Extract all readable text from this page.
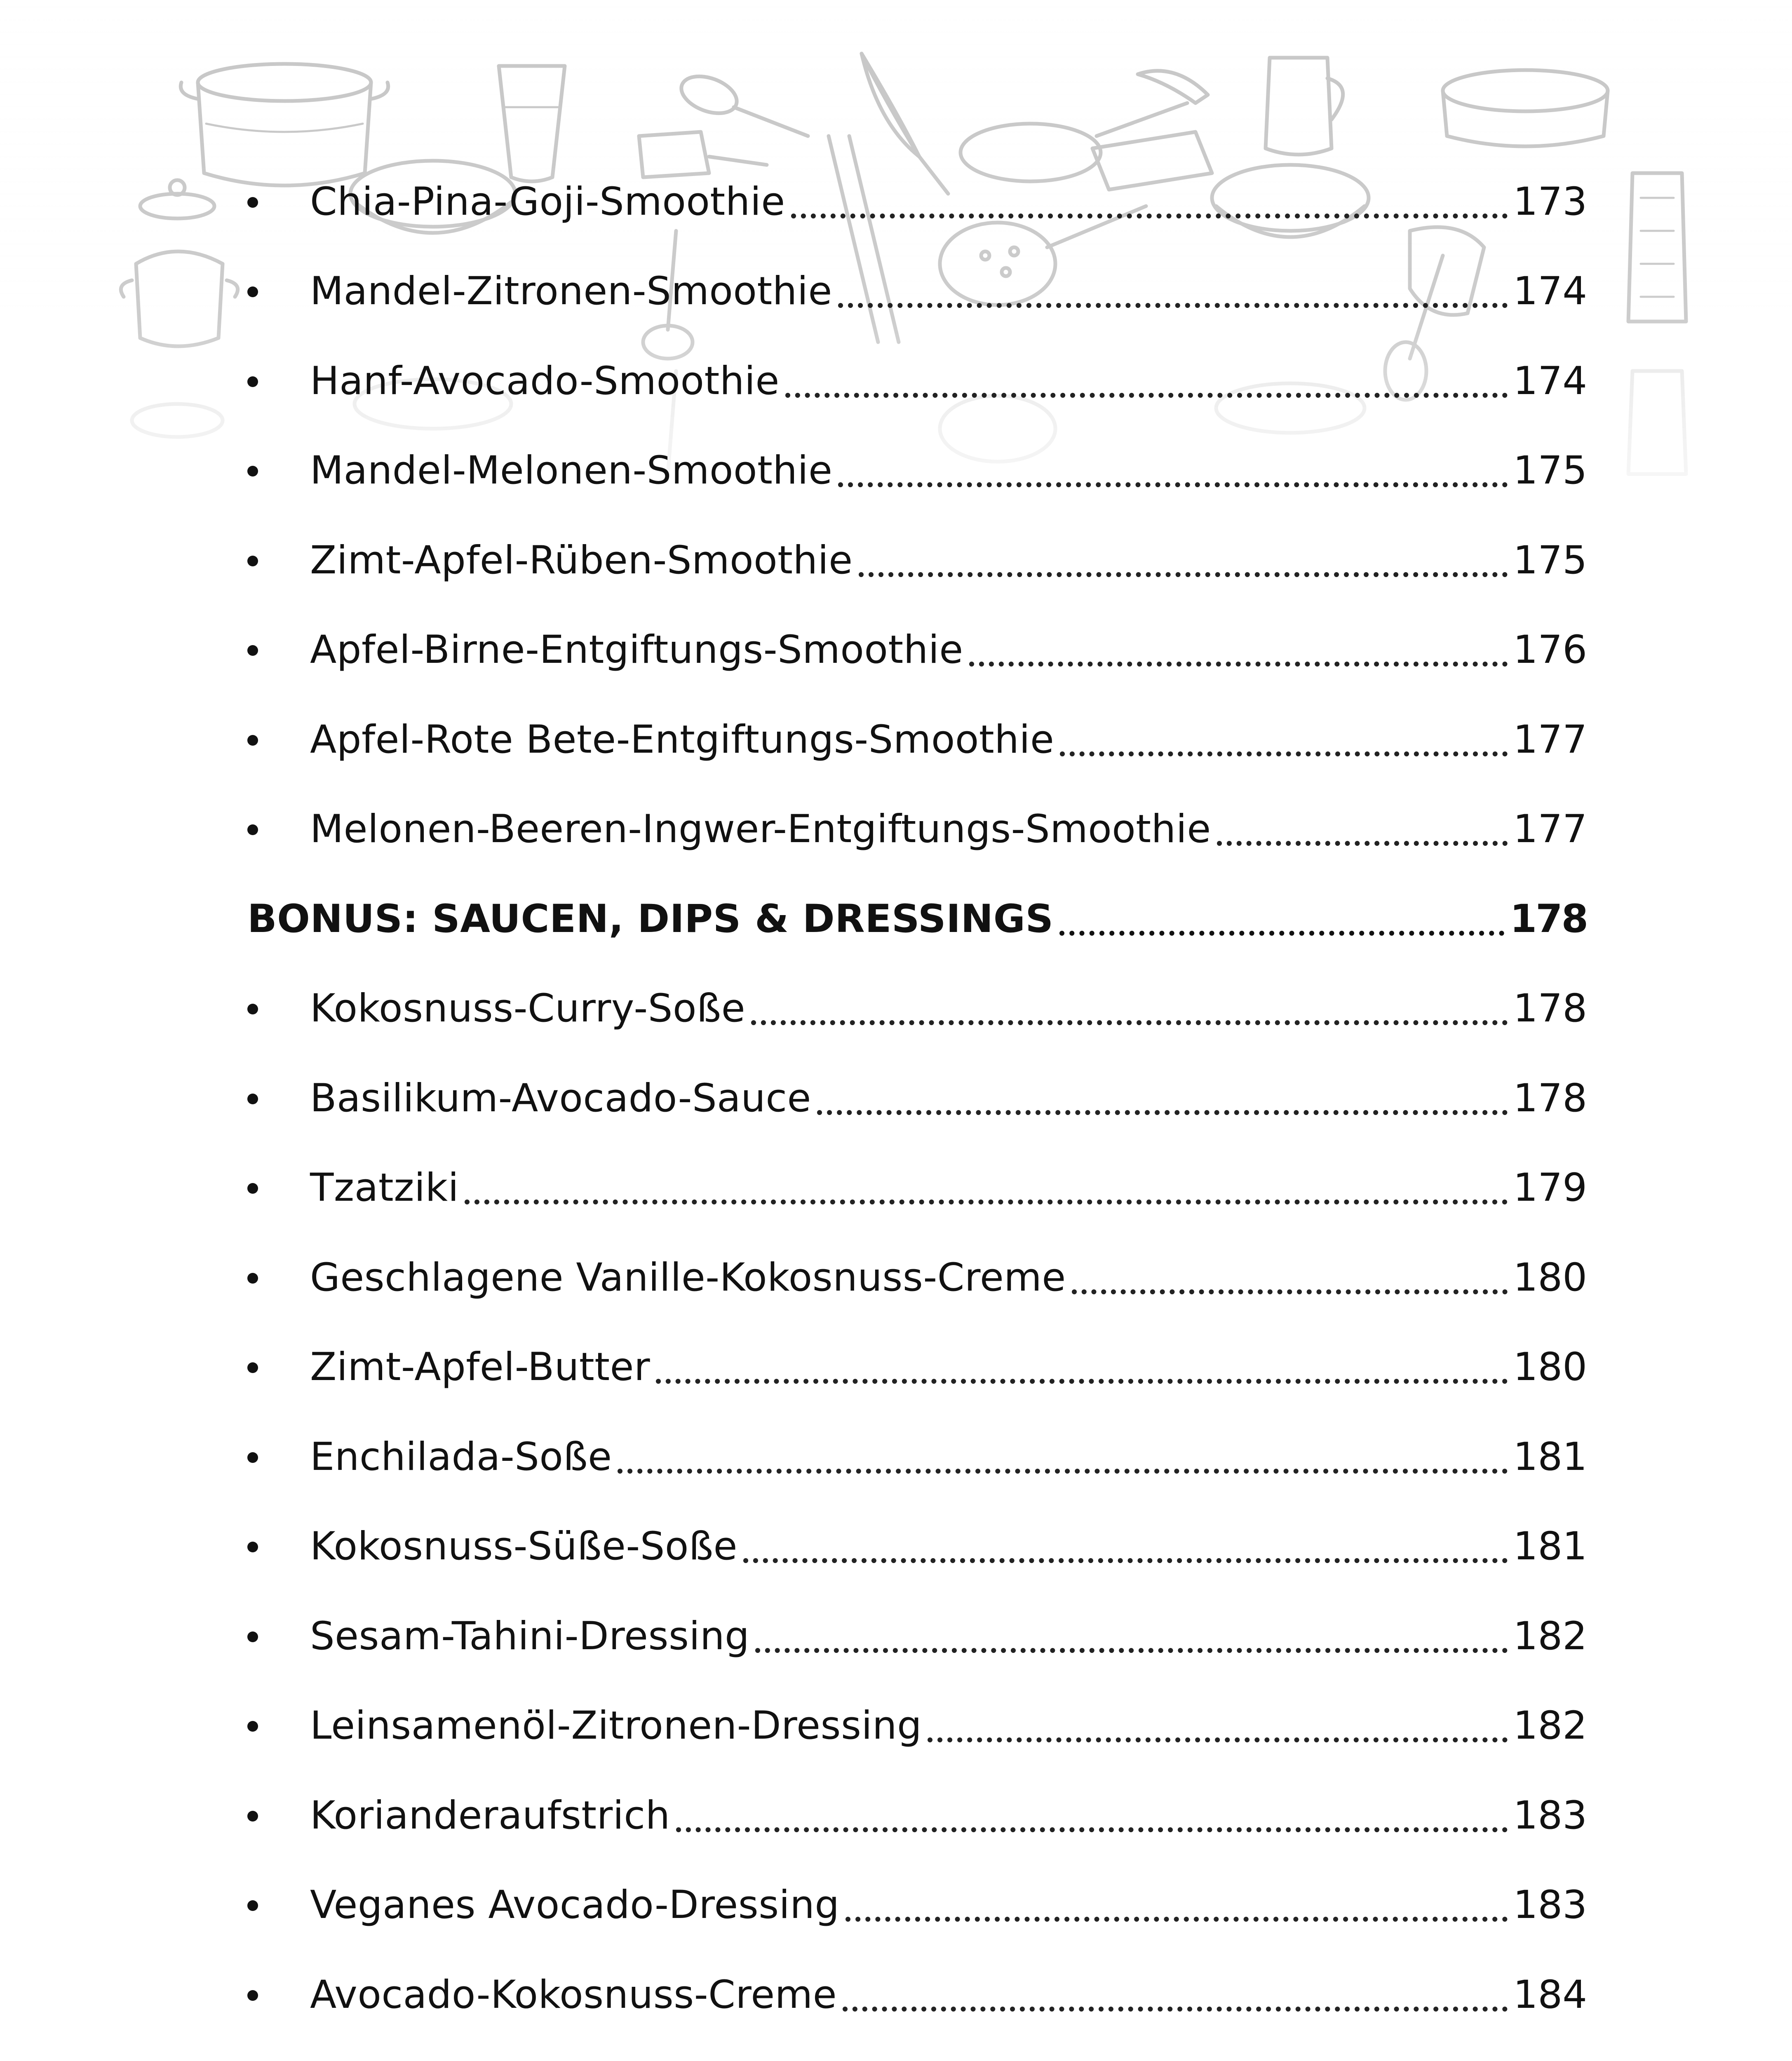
Chia-Pina-Goji-Smoothie	173
Mandel-Zitronen-Smoothie	174
Hanf-Avocado-Smoothie	174
Mandel-Melonen-Smoothie	175
Zimt-Apfel-Rüben-Smoothie	175
Apfel-Birne-Entgiftungs-Smoothie	176
Apfel-Rote Bete-Entgiftungs-Smoothie	177
Melonen-Beeren-Ingwer-Entgiftungs-Smoothie	177
BONUS: SAUCEN, DIPS & DRESSINGS	178
Kokosnuss-Curry-Soße	178
Basilikum-Avocado-Sauce	178
Tzatziki	179
Geschlagene Vanille-Kokosnuss-Creme	180
Zimt-Apfel-Butter	180
Enchilada-Soße	181
Kokosnuss-Süße-Soße	181
Sesam-Tahini-Dressing	182
Leinsamenöl-Zitronen-Dressing	182
Korianderaufstrich	183
Veganes Avocado-Dressing	183
Avocado-Kokosnuss-Creme	184
